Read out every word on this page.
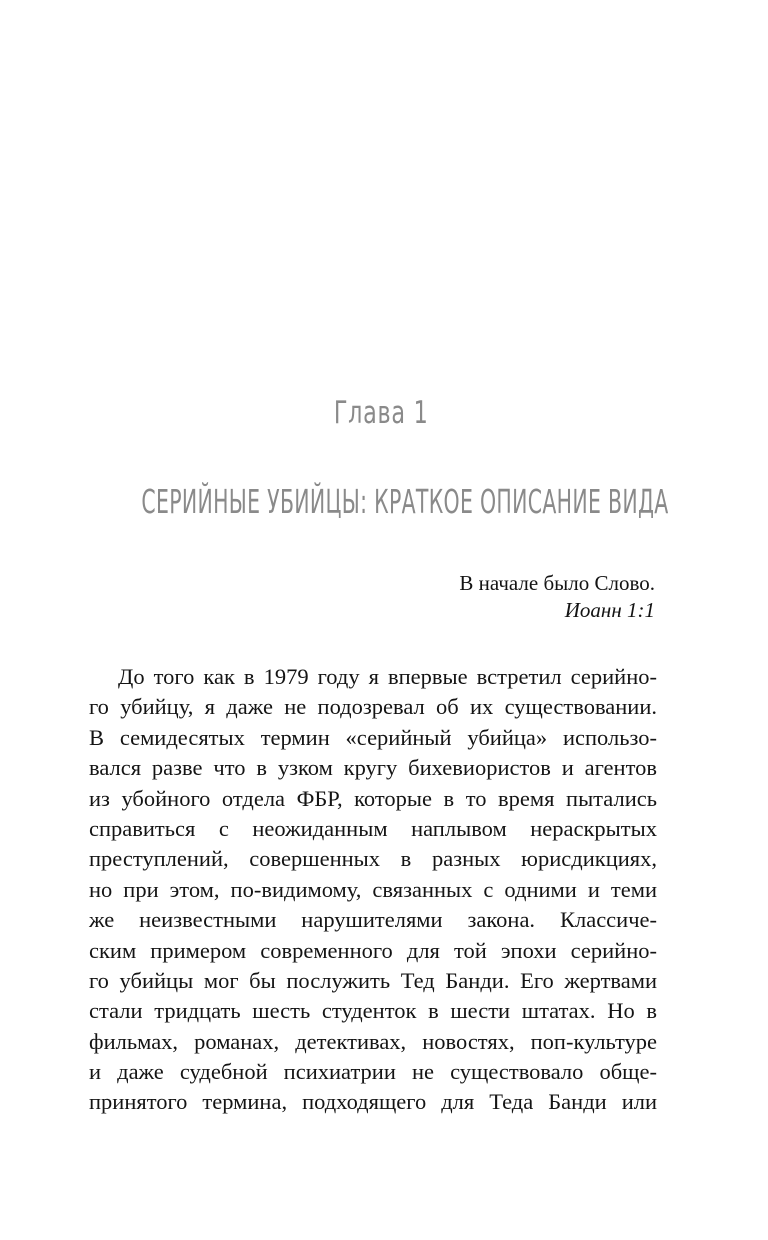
Глава 1
СЕРИЙНЫЕ УБИЙЦЫ: КРАТКОЕ ОПИСАНИЕ ВИДА
В начале было Слово.
Иоанн 1:1
До того как в 1979 году я впервые встретил серийно-
го убийцу, я даже не подозревал об их существовании.
В семидесятых термин «серийный убийца» использо-
вался разве что в узком кругу бихевиористов и агентов
из убойного отдела ФБР, которые в то время пытались
справиться с неожиданным наплывом нераскрытых
преступлений, совершенных в разных юрисдикциях,
но при этом, по-видимому, связанных с одними и теми
же неизвестными нарушителями закона. Классиче-
ским примером современного для той эпохи серийно-
го убийцы мог бы послужить Тед Банди. Его жертвами
стали тридцать шесть студенток в шести штатах. Но в
фильмах, романах, детективах, новостях, поп-культуре
и даже судебной психиатрии не существовало обще-
принятого термина, подходящего для Теда Банди или
